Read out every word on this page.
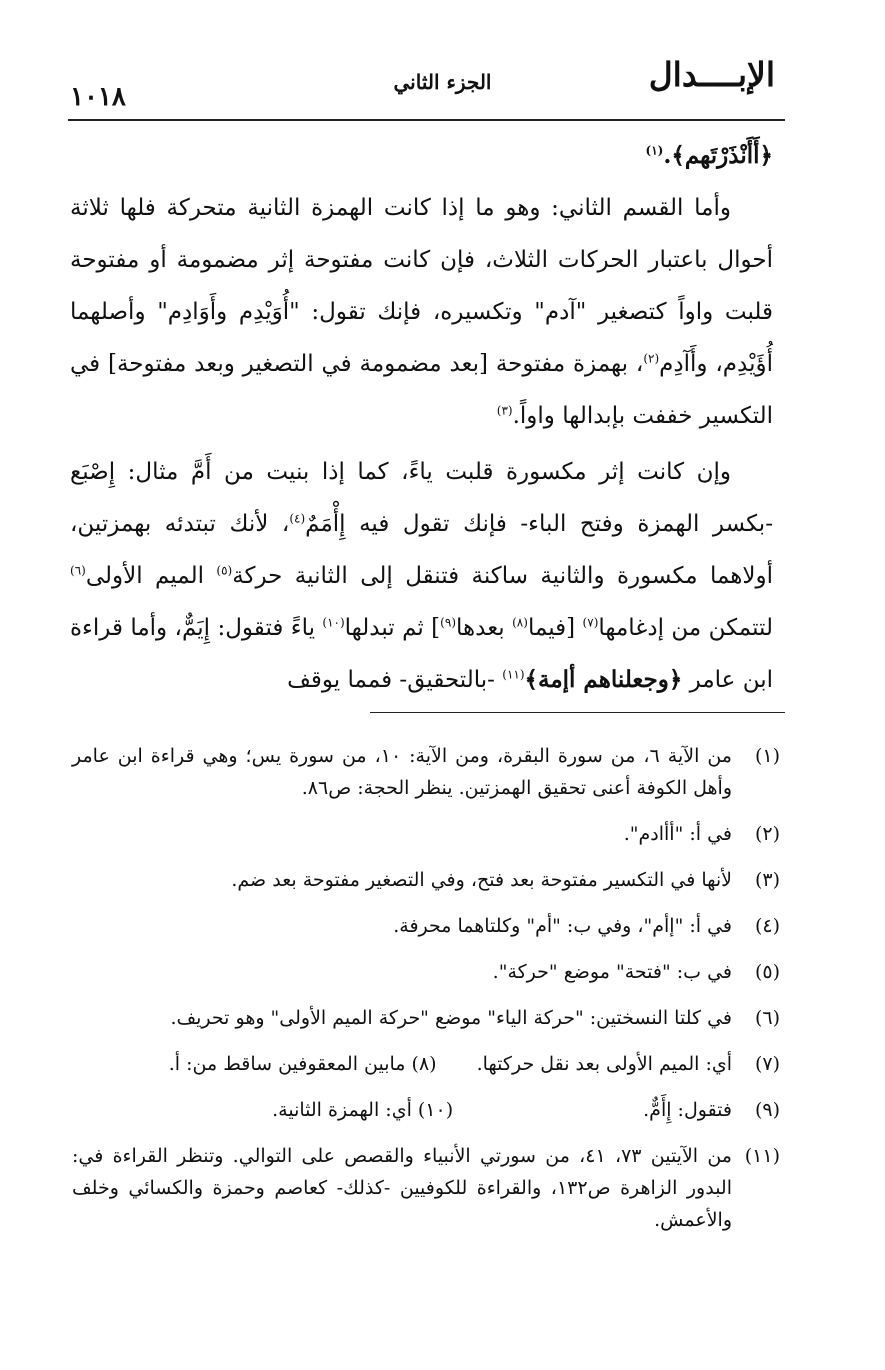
الإبــــدال
الجزء الثاني
١٠١٨

﴿أَأَنْذَرْتَهم﴾.$^{(١)}$

وأما القسم الثاني: وهو ما إذا كانت الهمزة الثانية متحركة فلها ثلاثة أحوال باعتبار الحركات الثلاث، فإن كانت مفتوحة إثر مضمومة أو مفتوحة قلبت واواً كتصغير "آدم" وتكسيره، فإنك تقول: "أُوَيْدِم وأَوَادِم" وأصلهما أُؤَيْدِم، وأَآدِم$^{(٢)}$، بهمزة مفتوحة [بعد مضمومة في التصغير وبعد مفتوحة] في التكسير خففت بإبدالها واواً.$^{(٣)}$

وإن كانت إثر مكسورة قلبت ياءً، كما إذا بنيت من أَمَّ مثال: إِصْبَع -بكسر الهمزة وفتح الباء- فإنك تقول فيه إِأْمَمٌ$^{(٤)}$، لأنك تبتدئه بهمزتين، أولاهما مكسورة والثانية ساكنة فتنقل إلى الثانية حركة$^{(٥)}$ الميم الأولى$^{(٦)}$ لتتمكن من إدغامها$^{(٧)}$ [فيما$^{(٨)}$ بعدها$^{(٩)}$] ثم تبدلها$^{(١٠)}$ ياءً فتقول: إِيَمٌّ، وأما قراءة ابن عامر ﴿وجعلناهم أإمة﴾$^{(١١)}$ -بالتحقيق- فمما يوقف

(١)
من الآية ٦، من سورة البقرة، ومن الآية: ١٠، من سورة يس؛ وهي قراءة ابن عامر وأهل الكوفة أعنى تحقيق الهمزتين. ينظر الحجة: ص٨٦.
(٢)
في أ: "أأادم".
(٣)
لأنها في التكسير مفتوحة بعد فتح، وفي التصغير مفتوحة بعد ضم.
(٤)
في أ: "إأم"، وفي ب: "أم" وكلتاهما محرفة.
(٥)
في ب: "فتحة" موضع "حركة".
(٦)
في كلتا النسختين: "حركة الياء" موضع "حركة الميم الأولى" وهو تحريف.
(٧)
أي: الميم الأولى بعد نقل حركتها.
(٨) مابين المعقوفين ساقط من: أ.
(٩)
فتقول: إِأَمٌّ.
(١٠) أي: الهمزة الثانية.
(١١)
من الآيتين ٧٣، ٤١، من سورتي الأنبياء والقصص على التوالي. وتنظر القراءة في: البدور الزاهرة ص١٣٢، والقراءة للكوفيين -كذلك- كعاصم وحمزة والكسائي وخلف والأعمش.
